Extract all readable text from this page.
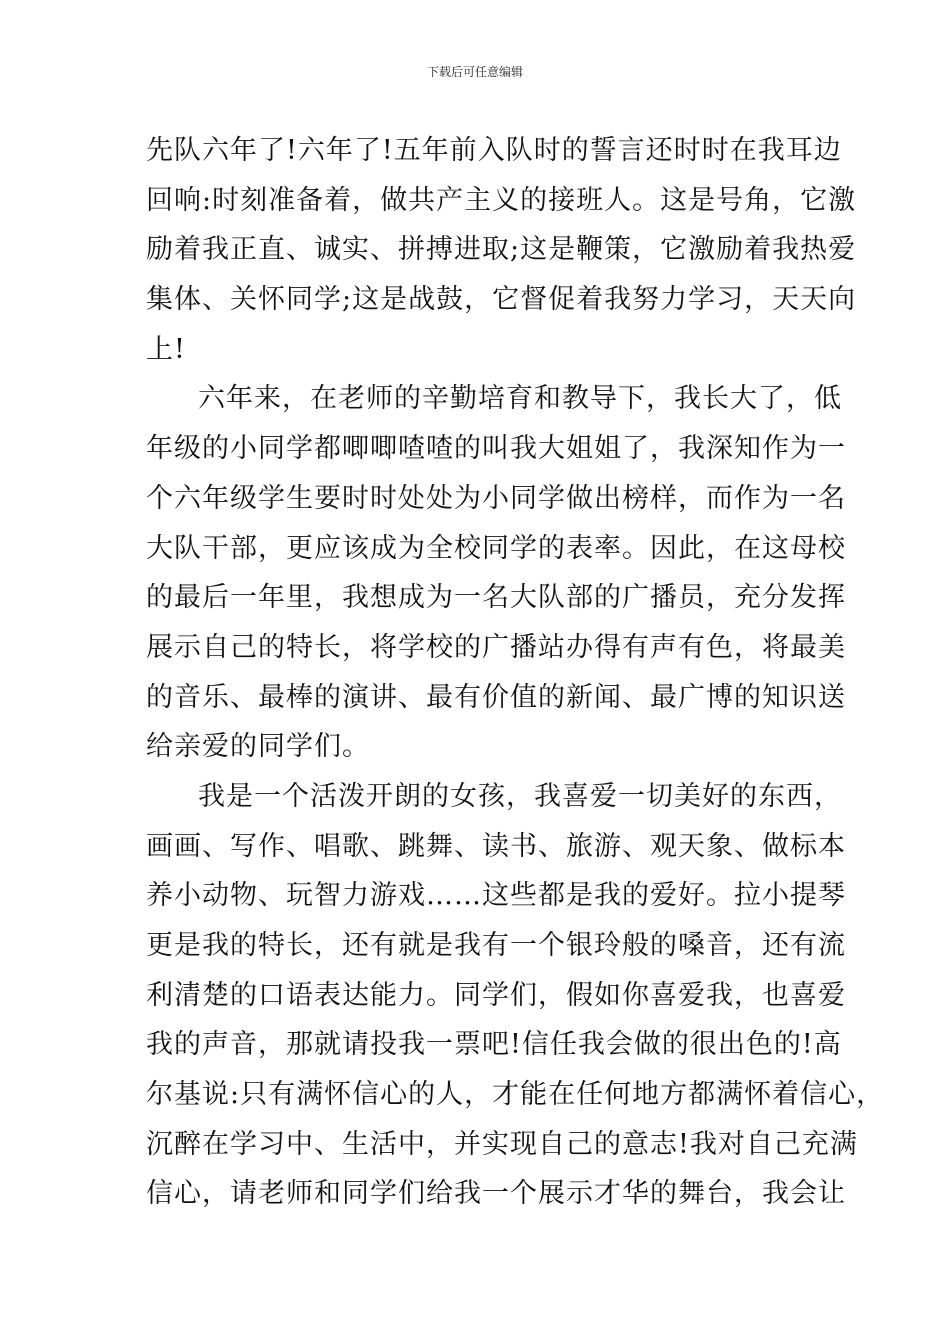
下载后可任意编辑
先队六年了!六年了!五年前入队时的誓言还时时在我耳边
回响:时刻准备着，做共产主义的接班人。这是号角，它激
励着我正直、诚实、拼搏进取;这是鞭策，它激励着我热爱
集体、关怀同学;这是战鼓，它督促着我努力学习，天天向
上!
六年来，在老师的辛勤培育和教导下，我长大了，低
年级的小同学都唧唧喳喳的叫我大姐姐了，我深知作为一
个六年级学生要时时处处为小同学做出榜样，而作为一名
大队干部，更应该成为全校同学的表率。因此，在这母校
的最后一年里，我想成为一名大队部的广播员，充分发挥
展示自己的特长，将学校的广播站办得有声有色，将最美
的音乐、最棒的演讲、最有价值的新闻、最广博的知识送
给亲爱的同学们。
我是一个活泼开朗的女孩，我喜爱一切美好的东西，
画画、写作、唱歌、跳舞、读书、旅游、观天象、做标本
养小动物、玩智力游戏……这些都是我的爱好。拉小提琴
更是我的特长，还有就是我有一个银玲般的嗓音，还有流
利清楚的口语表达能力。同学们，假如你喜爱我，也喜爱
我的声音，那就请投我一票吧!信任我会做的很出色的!高
尔基说:只有满怀信心的人，才能在任何地方都满怀着信心，
沉醉在学习中、生活中，并实现自己的意志!我对自己充满
信心，请老师和同学们给我一个展示才华的舞台，我会让
